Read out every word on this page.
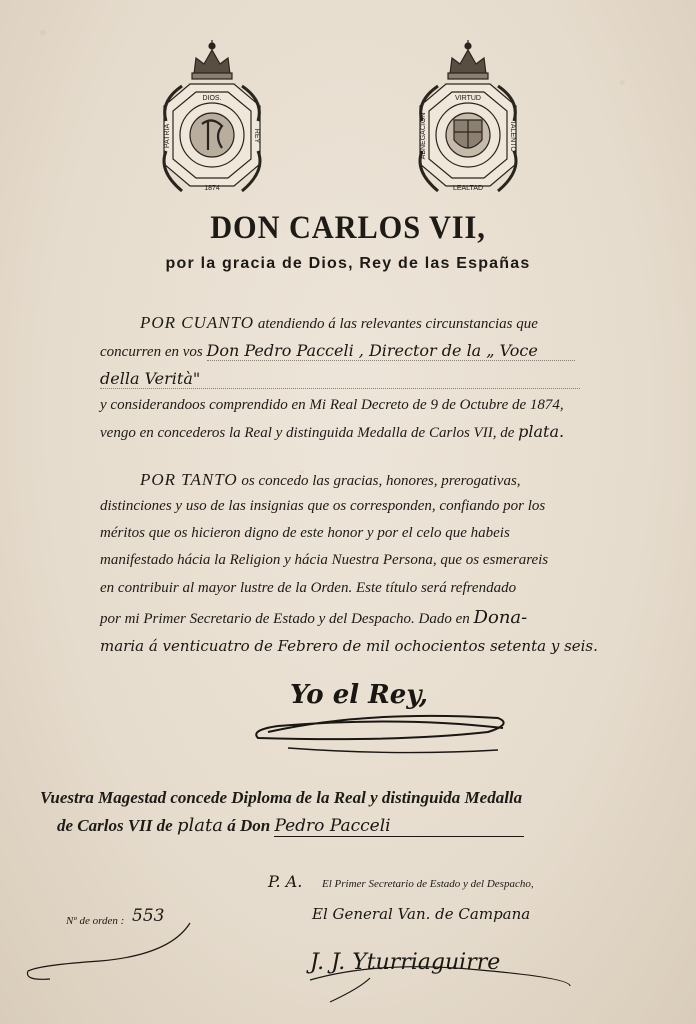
DIOS.
1874
PATRIA	REY
VIRTUD
LEALTAD
ABNEGACION	TALENTO
DON CARLOS VII,
por la gracia de Dios, Rey de las Españas
POR CUANTO atendiendo á las relevantes circunstancias que
concurren en vos Don Pedro Pacceli , Director de la „ Voce
della Verità"
y considerandoos comprendido en Mi Real Decreto de 9 de Octubre de 1874,
vengo en concederos la Real y distinguida Medalla de Carlos VII, de plata.
POR TANTO os concedo las gracias, honores, prerogativas,
distinciones y uso de las insignias que os corresponden, confiando por los
méritos que os hicieron digno de este honor y por el celo que habeis
manifestado hácia la Religion y hácia Nuestra Persona, que os esmerareis
en contribuir al mayor lustre de la Orden. Este título será refrendado
por mi Primer Secretario de Estado y del Despacho. Dado en Dona-
maria á venticuatro de Febrero de mil ochocientos setenta y seis.
Yo el Rey,
Vuestra Magestad concede Diploma de la Real y distinguida Medalla
de Carlos VII de plata á Don Pedro Pacceli
P. A. El Primer Secretario de Estado y del Despacho,
El General Van. de Campana
J. J. Yturriaguirre
Nº de orden : 553
